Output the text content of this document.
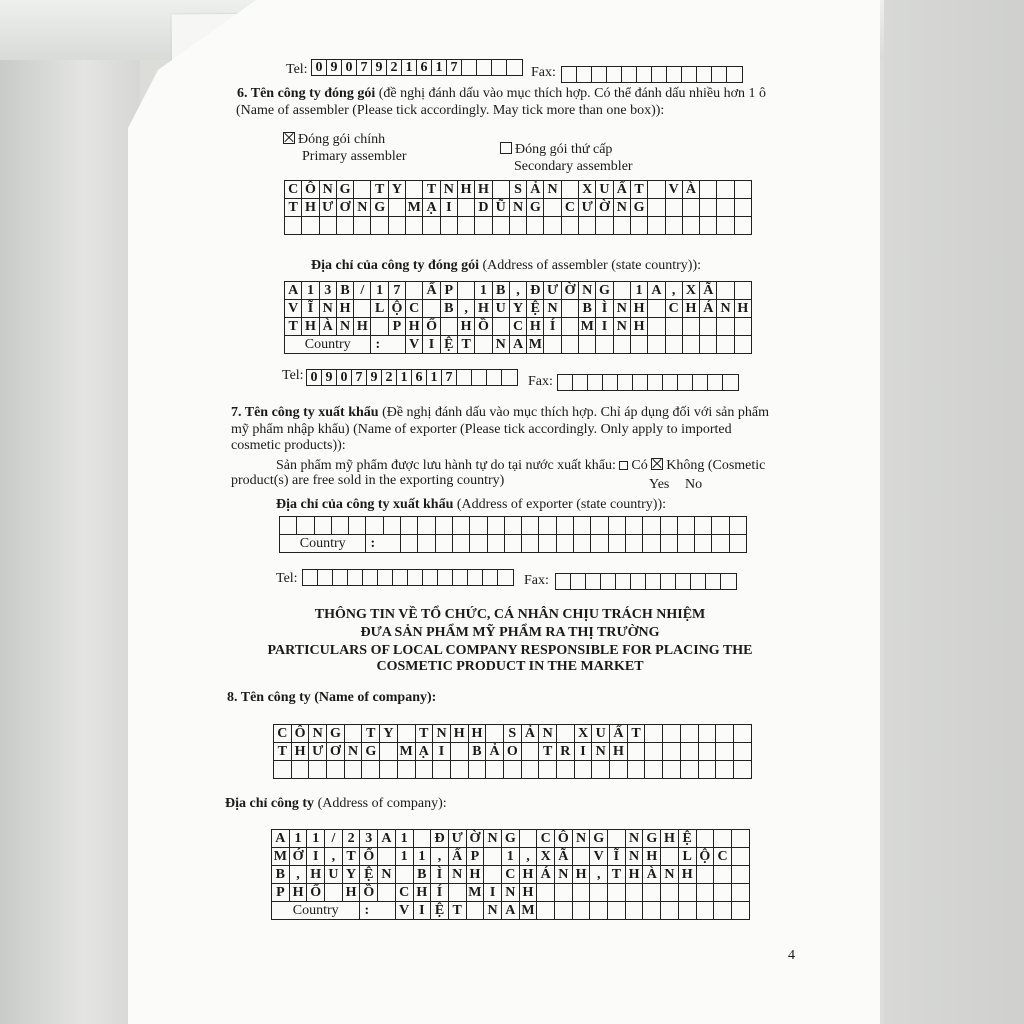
Tel: 0 9 0 7 9 2 1 6 1 7	Fax:
6. Tên công ty đóng gói (đề nghị đánh dấu vào mục thích hợp. Có thể đánh dấu nhiều hơn 1 ô
(Name of assembler (Please tick accordingly. May tick more than one box)):
Đóng gói chính
Primary assembler	Đóng gói thứ cấp
Secondary assembler
C Ô N G T Y T N H H	S Ả N X U Ấ T	V À
T H Ư Ơ N G M Ạ I	D Ũ N G C Ư Ờ N G
Địa chỉ của công ty đóng gói (Address of assembler (state country)):
A 1 3 B / 1 7	Ấ P	1 B , Đ Ư Ờ N G	1 A , X Ã
V Ĩ N H L Ộ C B , H U Y Ệ N B Ì N H C H Á N H
T H À N H P H Ố H Ồ C H Í	M I N H
Country	:	V I Ệ T	N A M
Tel: 0 9 0 7 9 2 1 6 1 7	Fax:
7. Tên công ty xuất khẩu (Đề nghị đánh dấu vào mục thích hợp. Chỉ áp dụng đối với sản phẩm
mỹ phẩm nhập khẩu) (Name of exporter (Please tick accordingly. Only apply to imported
cosmetic products)):
Sản phẩm mỹ phẩm được lưu hành tự do tại nước xuất khẩu: Có Không (Cosmetic
product(s) are free sold in the exporting country)	Yes No
Địa chỉ của công ty xuất khẩu (Address of exporter (state country)):
Country	:
Tel:	Fax:
THÔNG TIN VỀ TỔ CHỨC, CÁ NHÂN CHỊU TRÁCH NHIỆM
ĐƯA SẢN PHẨM MỸ PHẨM RA THỊ TRƯỜNG
PARTICULARS OF LOCAL COMPANY RESPONSIBLE FOR PLACING THE
COSMETIC PRODUCT IN THE MARKET
8. Tên công ty (Name of company):
C Ô N G T Y	T N H H	S Ả N	X U Ấ T
T H Ư Ơ N G M Ạ I	B Ả O T R I N H
Địa chỉ công ty (Address of company):
A 1 1 / 2 3 A 1	Đ Ư Ờ N G C Ô N G N G H Ệ
M Ớ I , T Ổ	1 1 , Ấ P	1 , X Ã	V Ĩ N H L Ộ C
B , H U Y Ệ N	B Ì N H C H Á N H , T H À N H
P H Ố H Ồ C H Í	M I N H
Country	:	V I Ệ T	N A M
4
